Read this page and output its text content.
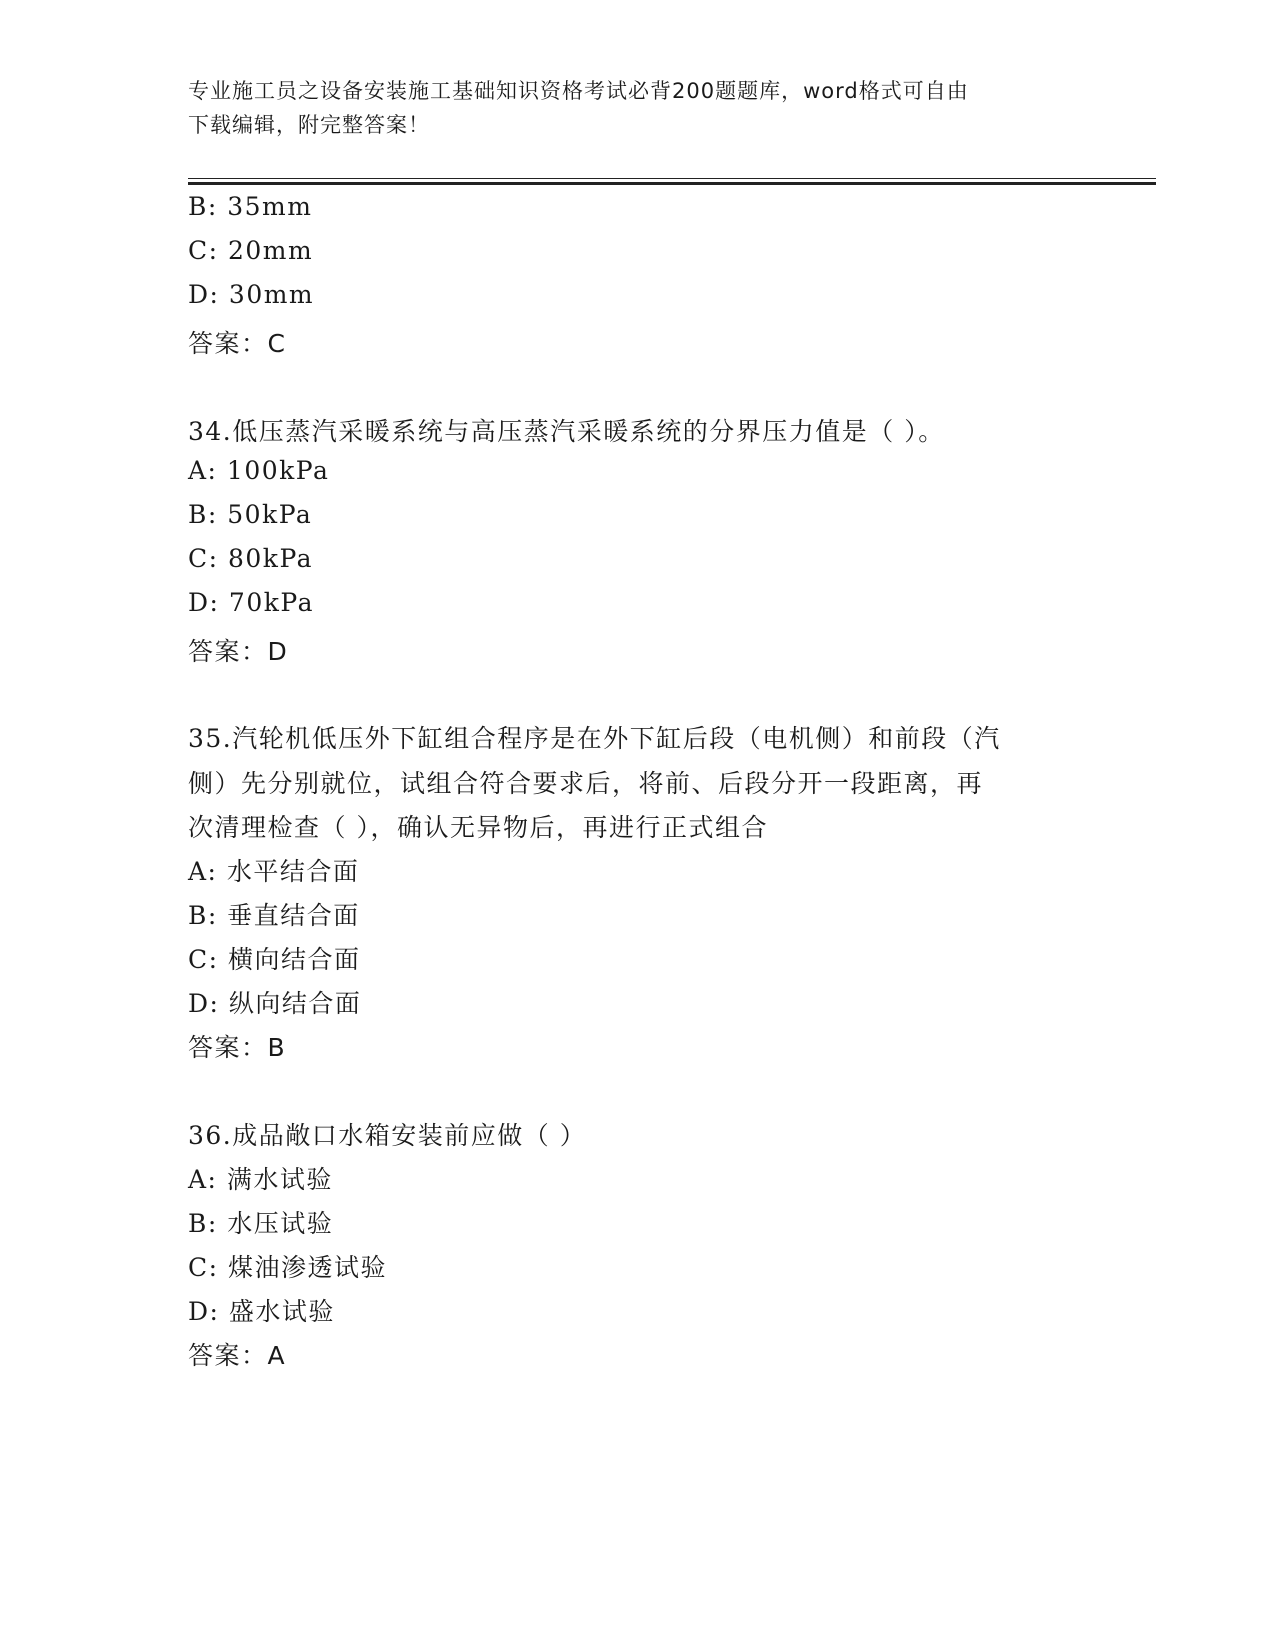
专业施工员之设备安装施工基础知识资格考试必背200题题库，word格式可自由
下载编辑，附完整答案！
B: 35mm
C: 20mm
D: 30mm
答案：C
34.低压蒸汽采暖系统与高压蒸汽采暖系统的分界压力值是（ ）。
A: 100kPa
B: 50kPa
C: 80kPa
D: 70kPa
答案：D
35.汽轮机低压外下缸组合程序是在外下缸后段（电机侧）和前段（汽
侧）先分别就位，试组合符合要求后，将前、后段分开一段距离，再
次清理检查（ ），确认无异物后，再进行正式组合
A: 水平结合面
B: 垂直结合面
C: 横向结合面
D: 纵向结合面
答案：B
36.成品敞口水箱安装前应做（ ）
A: 满水试验
B: 水压试验
C: 煤油渗透试验
D: 盛水试验
答案：A
